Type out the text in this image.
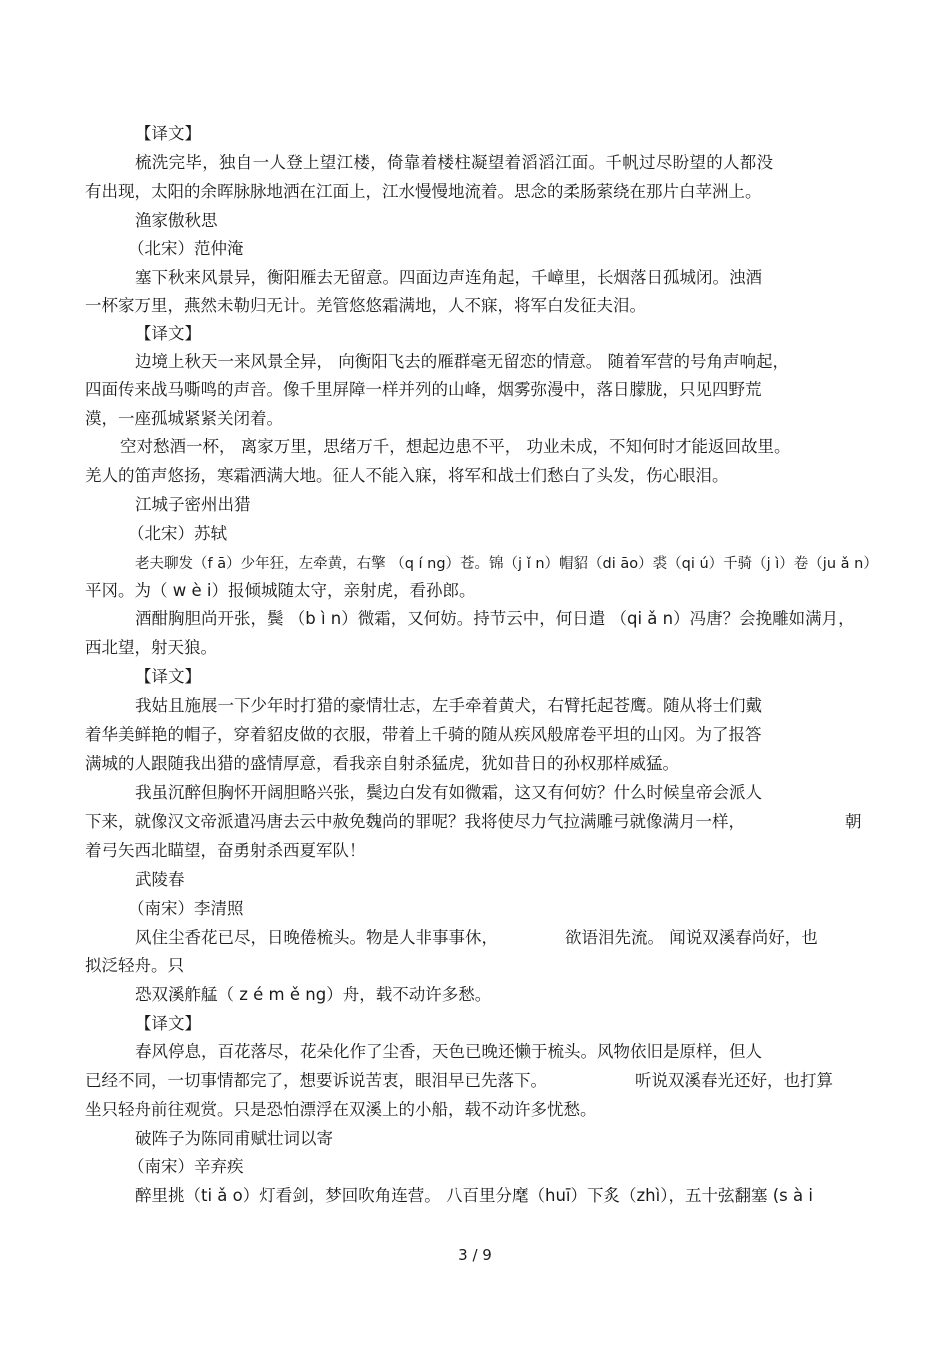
【译文】
梳洗完毕，独自一人登上望江楼，倚靠着楼柱凝望着滔滔江面。千帆过尽盼望的人都没
有出现，太阳的余晖脉脉地洒在江面上，江水慢慢地流着。思念的柔肠萦绕在那片白苹洲上。
渔家傲秋思
（北宋）范仲淹
塞下秋来风景异，衡阳雁去无留意。四面边声连角起，千嶂里，长烟落日孤城闭。浊酒
一杯家万里，燕然未勒归无计。羌管悠悠霜满地，人不寐，将军白发征夫泪。
【译文】
边境上秋天一来风景全异， 向衡阳飞去的雁群毫无留恋的情意。 随着军营的号角声响起，
四面传来战马嘶鸣的声音。像千里屏障一样并列的山峰，烟雾弥漫中，落日朦胧，只见四野荒
漠，一座孤城紧紧关闭着。
空对愁酒一杯， 离家万里，思绪万千，想起边患不平， 功业未成，不知何时才能返回故里。
羌人的笛声悠扬，寒霜洒满大地。征人不能入寐，将军和战士们愁白了头发，伤心眼泪。
江城子密州出猎
（北宋）苏轼
老夫聊发（f ā）少年狂，左牵黄，右擎 （q í ng）苍。锦（j ǐ n）帽貂（di āo）裘（qi ú）千骑（j ì）卷（ju ǎ n）
平冈。为（ w è i）报倾城随太守，亲射虎，看孙郎。
酒酣胸胆尚开张，鬓 （b ì n）微霜，又何妨。持节云中，何日遣 （qi ǎ n）冯唐？会挽雕如满月，
西北望，射天狼。
【译文】
我姑且施展一下少年时打猎的豪情壮志，左手牵着黄犬，右臂托起苍鹰。随从将士们戴
着华美鲜艳的帽子，穿着貂皮做的衣服，带着上千骑的随从疾风般席卷平坦的山冈。为了报答
满城的人跟随我出猎的盛情厚意，看我亲自射杀猛虎，犹如昔日的孙权那样威猛。
我虽沉醉但胸怀开阔胆略兴张，鬓边白发有如微霜，这又有何妨？什么时候皇帝会派人
下来，就像汉文帝派遣冯唐去云中赦免魏尚的罪呢？我将使尽力气拉满雕弓就像满月一样，	朝
着弓矢西北瞄望，奋勇射杀西夏军队！
武陵春
（南宋）李清照
风住尘香花已尽，日晚倦梳头。物是人非事事休，	欲语泪先流。 闻说双溪春尚好，也
拟泛轻舟。只
恐双溪舴艋（ z é m ě ng）舟，载不动许多愁。
【译文】
春风停息，百花落尽，花朵化作了尘香，天色已晚还懒于梳头。风物依旧是原样，但人
已经不同，一切事情都完了，想要诉说苦衷，眼泪早已先落下。	听说双溪春光还好，也打算
坐只轻舟前往观赏。只是恐怕漂浮在双溪上的小船，载不动许多忧愁。
破阵子为陈同甫赋壮词以寄
（南宋）辛弃疾
醉里挑（ti ǎ o）灯看剑，梦回吹角连营。 八百里分麾（huī）下炙（zhì），五十弦翻塞 (s à i
3 / 9
